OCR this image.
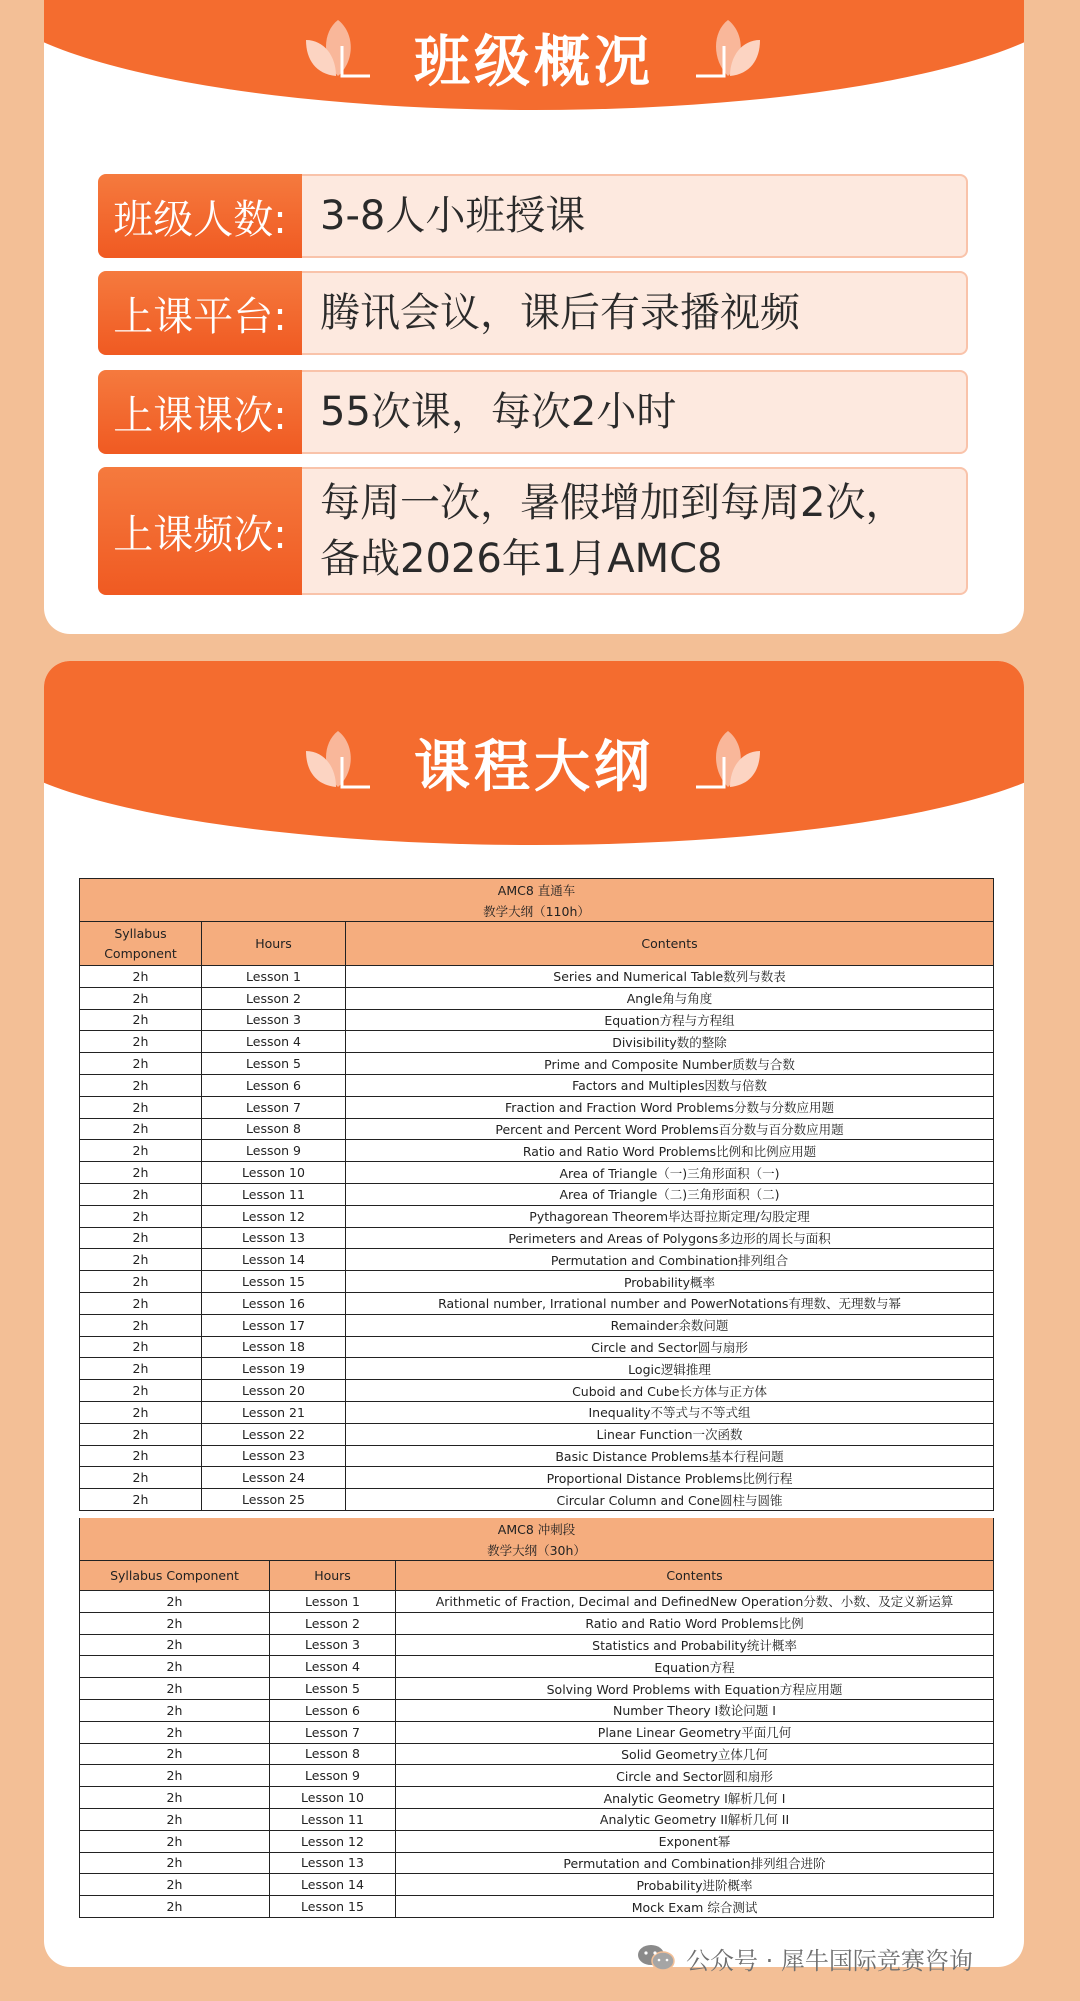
班级概况
班级人数: 3-8人小班授课
上课平台: 腾讯会议，课后有录播视频
上课课次: 55次课，每次2小时
上课频次:
每周一次，暑假增加到每周2次，
备战2026年1月AMC8
课程大纲
AMC8 直通车		
教学大纲（110h）		
Syllabus Component	Hours	Contents
2h	Lesson 1	Series and Numerical Table数列与数表
2h	Lesson 2	Angle角与角度
2h	Lesson 3	Equation方程与方程组
2h	Lesson 4	Divisibility数的整除
2h	Lesson 5	Prime and Composite Number质数与合数
2h	Lesson 6	Factors and Multiples因数与倍数
2h	Lesson 7	Fraction and Fraction Word Problems分数与分数应用题
2h	Lesson 8	Percent and Percent Word Problems百分数与百分数应用题
2h	Lesson 9	Ratio and Ratio Word Problems比例和比例应用题
2h	Lesson 10	Area of Triangle（一)三角形面积（一)
2h	Lesson 11	Area of Triangle（二)三角形面积（二)
2h	Lesson 12	Pythagorean Theorem毕达哥拉斯定理/勾股定理
2h	Lesson 13	Perimeters and Areas of Polygons多边形的周长与面积
2h	Lesson 14	Permutation and Combination排列组合
2h	Lesson 15	Probability概率
2h	Lesson 16	Rational number, Irrational number and PowerNotations有理数、无理数与幂
2h	Lesson 17	Remainder余数问题
2h	Lesson 18	Circle and Sector圆与扇形
2h	Lesson 19	Logic逻辑推理
2h	Lesson 20	Cuboid and Cube长方体与正方体
2h	Lesson 21	Inequality不等式与不等式组
2h	Lesson 22	Linear Function一次函数
2h	Lesson 23	Basic Distance Problems基本行程问题
2h	Lesson 24	Proportional Distance Problems比例行程
2h	Lesson 25	Circular Column and Cone圆柱与圆锥
AMC8 冲刺段		
教学大纲（30h）		
Syllabus Component	Hours	Contents
2h	Lesson 1	Arithmetic of Fraction, Decimal and DefinedNew Operation分数、小数、及定义新运算
2h	Lesson 2	Ratio and Ratio Word Problems比例
2h	Lesson 3	Statistics and Probability统计概率
2h	Lesson 4	Equation方程
2h	Lesson 5	Solving Word Problems with Equation方程应用题
2h	Lesson 6	Number Theory I数论问题 I
2h	Lesson 7	Plane Linear Geometry平面几何
2h	Lesson 8	Solid Geometry立体几何
2h	Lesson 9	Circle and Sector圆和扇形
2h	Lesson 10	Analytic Geometry I解析几何 I
2h	Lesson 11	Analytic Geometry II解析几何 II
2h	Lesson 12	Exponent幂
2h	Lesson 13	Permutation and Combination排列组合进阶
2h	Lesson 14	Probability进阶概率
2h	Lesson 15	Mock Exam 综合测试
公众号 · 犀牛国际竞赛咨询
